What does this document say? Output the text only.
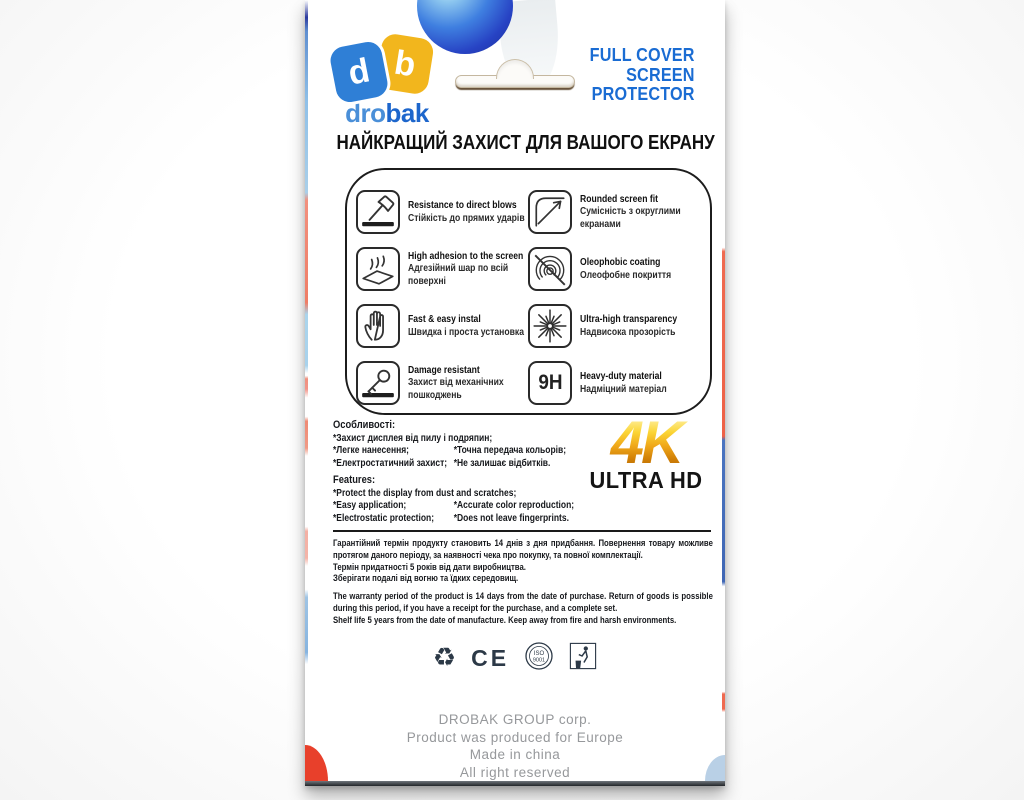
b
d
drobak
FULL COVER
SCREEN
PROTECTOR
НАЙКРАЩИЙ ЗАХИСТ ДЛЯ ВАШОГО ЕКРАНУ
Resistance to direct blows
Стійкість до прямих ударів
High adhesion to the screen
Адгезійний шар по всій поверхні
Fast & easy instal
Швидка і проста установка
Damage resistant
Захист від механічних пошкоджень
Rounded screen fit
Сумісність з округлими екранами
Oleophobic coating
Олеофобне покриття
Ultra-high transparency
Надвисока прозорість
9H Heavy-duty material
Надміцний матеріал
Особливості:
*Захист дисплея від пилу і подряпин;
*Легке нанесення;	*Точна передача кольорів;
*Електростатичний захист; *Не залишає відбитків.
Features:
*Protect the display from dust and scratches;
*Easy application;	*Accurate color reproduction;
*Electrostatic protection;	*Does not leave fingerprints.
4K
ULTRA HD

Гарантійний термін продукту становить 14 днів з дня придбання. Повернення товару можливе протягом даного періоду, за наявності чека про покупку, та повної комплектації.

Термін придатності 5 років від дати виробництва.

Зберігати подалі від вогню та їдких середовищ.

The warranty period of the product is 14 days from the date of purchase. Return of goods is possible during this period, if you have a receipt for the purchase, and a complete set.

Shelf life 5 years from the date of manufacture. Keep away from fire and harsh environments.

♻ CE	ISO
9001
DROBAK GROUP corp.
Product was produced for Europe
Made in china
All right reserved
